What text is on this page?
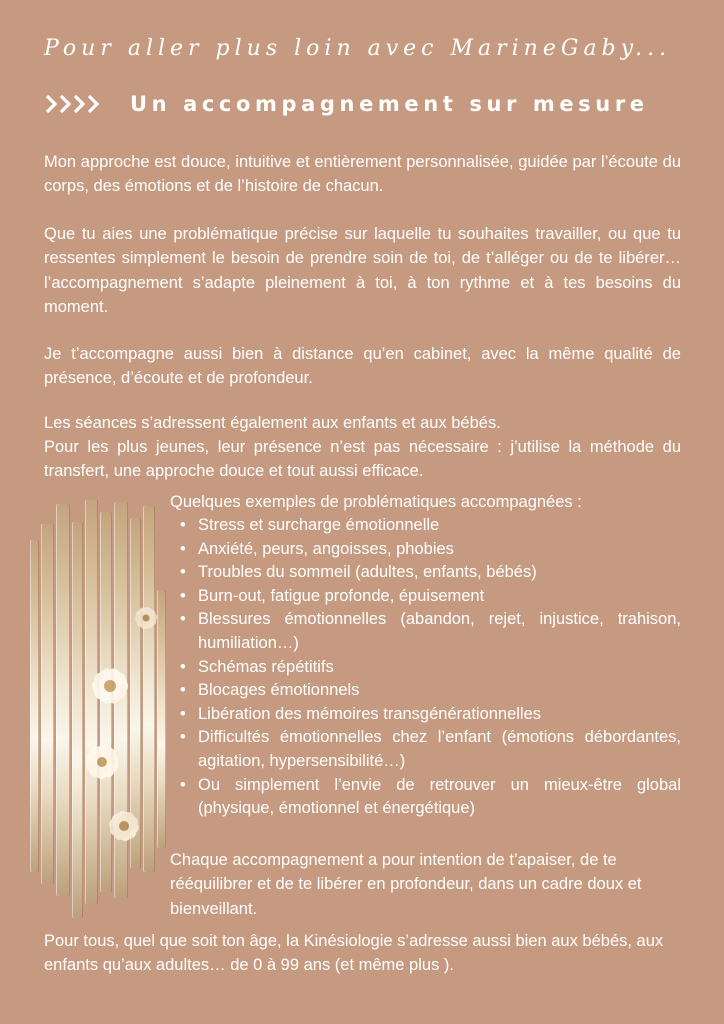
Pour aller plus loin avec MarineGaby...
Un accompagnement sur mesure

Mon approche est douce, intuitive et entièrement personnalisée, guidée par l’écoute du corps, des émotions et de l’histoire de chacun.

Que tu aies une problématique précise sur laquelle tu souhaites travailler, ou que tu ressentes simplement le besoin de prendre soin de toi, de t’alléger ou de te libérer… l’accompagnement s’adapte pleinement à toi, à ton rythme et à tes besoins du moment.

Je t’accompagne aussi bien à distance qu’en cabinet, avec la même qualité de présence, d’écoute et de profondeur.

Les séances s’adressent également aux enfants et aux bébés.

Pour les plus jeunes, leur présence n’est pas nécessaire : j’utilise la méthode du transfert, une approche douce et tout aussi efficace.

Quelques exemples de problématiques accompagnées :

• Stress et surcharge émotionnelle
• Anxiété, peurs, angoisses, phobies
• Troubles du sommeil (adultes, enfants, bébés)
• Burn-out, fatigue profonde, épuisement
• Blessures émotionnelles (abandon, rejet, injustice, trahison, humiliation…)
• Schémas répétitifs
• Blocages émotionnels
• Libération des mémoires transgénérationnelles
• Difficultés émotionnelles chez l’enfant (émotions débordantes, agitation, hypersensibilité…)
• Ou simplement l’envie de retrouver un mieux-être global (physique, émotionnel et énergétique)

Chaque accompagnement a pour intention de t’apaiser, de te rééquilibrer et de te libérer en profondeur, dans un cadre doux et bienveillant.

Pour tous, quel que soit ton âge, la Kinésiologie s’adresse aussi bien aux bébés, aux enfants qu’aux adultes… de 0 à 99 ans (et même plus ).
